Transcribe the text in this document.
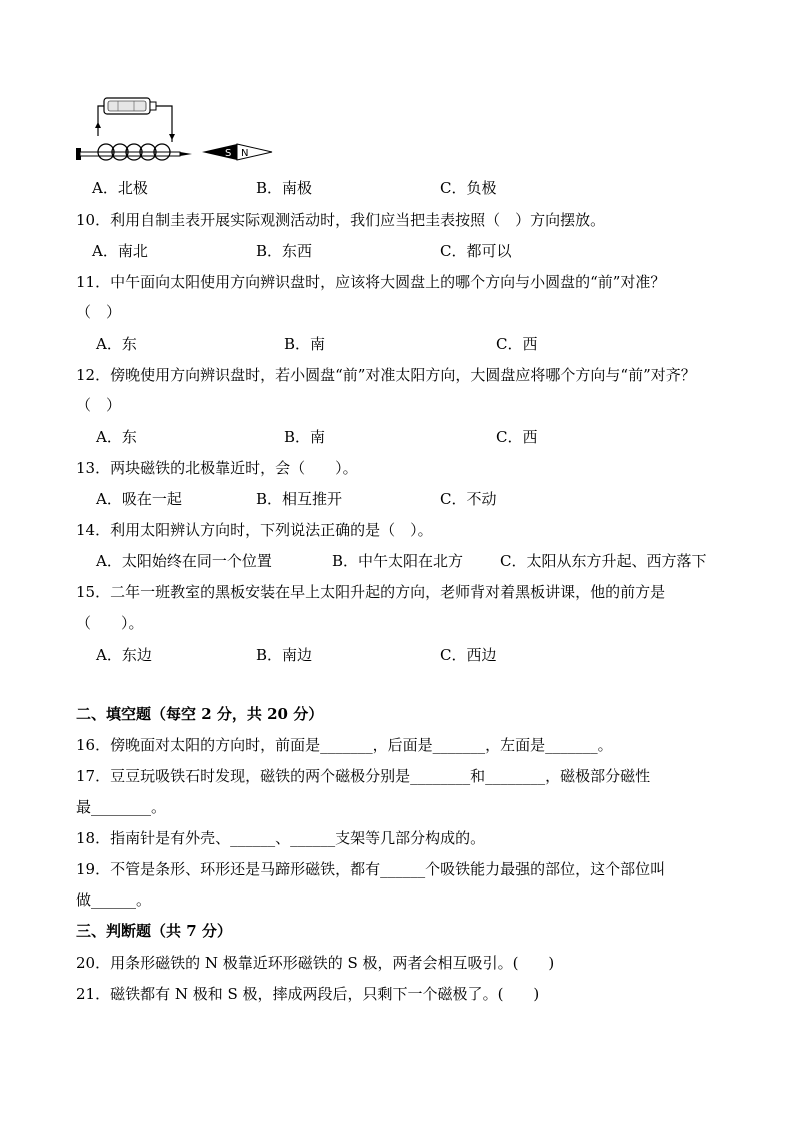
S N
A．北极	B．南极	C．负极
10．利用自制圭表开展实际观测活动时，我们应当把圭表按照（　）方向摆放。
A．南北	B．东西	C．都可以
11．中午面向太阳使用方向辨识盘时，应该将大圆盘上的哪个方向与小圆盘的“前”对准？
（　）
A．东	B．南	C．西
12．傍晚使用方向辨识盘时，若小圆盘“前”对准太阳方向，大圆盘应将哪个方向与“前”对齐？
（　）
A．东	B．南	C．西
13．两块磁铁的北极靠近时，会（　　）。
A．吸在一起	B．相互推开	C．不动
14．利用太阳辨认方向时，下列说法正确的是（　）。
A．太阳始终在同一个位置	B．中午太阳在北方 C．太阳从东方升起、西方落下
15．二年一班教室的黑板安装在早上太阳升起的方向，老师背对着黑板讲课，他的前方是
（　　）。
A．东边	B．南边	C．西边
二、填空题（每空 2 分，共 20 分）
16．傍晚面对太阳的方向时，前面是_______，后面是_______，左面是_______。
17．豆豆玩吸铁石时发现，磁铁的两个磁极分别是________和________，磁极部分磁性
最________。
18．指南针是有外壳、______、______支架等几部分构成的。
19．不管是条形、环形还是马蹄形磁铁，都有______个吸铁能力最强的部位，这个部位叫
做______。
三、判断题（共 7 分）
20．用条形磁铁的 N 极靠近环形磁铁的 S 极，两者会相互吸引。(　　)
21．磁铁都有 N 极和 S 极，摔成两段后，只剩下一个磁极了。(　　)
